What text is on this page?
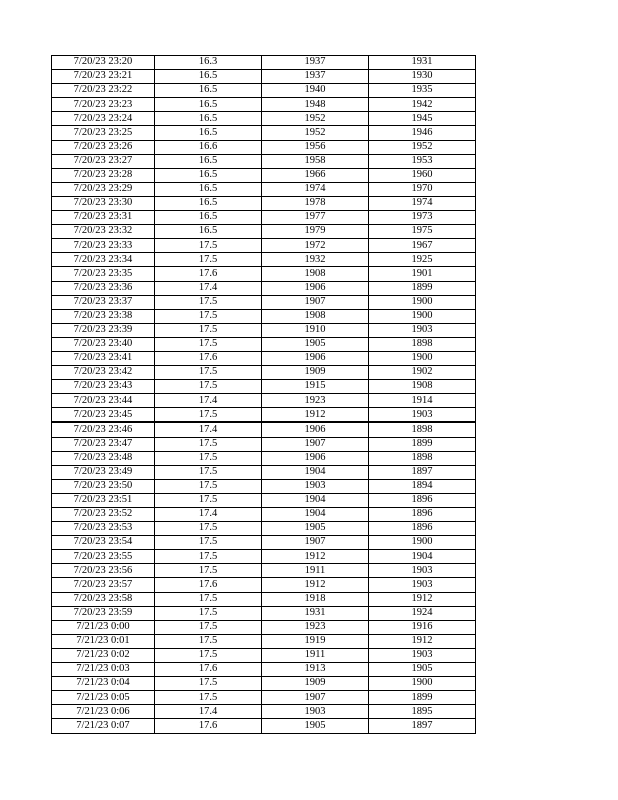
7/20/23 23:20	16.3	1937	1931
7/20/23 23:21	16.5	1937	1930
7/20/23 23:22	16.5	1940	1935
7/20/23 23:23	16.5	1948	1942
7/20/23 23:24	16.5	1952	1945
7/20/23 23:25	16.5	1952	1946
7/20/23 23:26	16.6	1956	1952
7/20/23 23:27	16.5	1958	1953
7/20/23 23:28	16.5	1966	1960
7/20/23 23:29	16.5	1974	1970
7/20/23 23:30	16.5	1978	1974
7/20/23 23:31	16.5	1977	1973
7/20/23 23:32	16.5	1979	1975
7/20/23 23:33	17.5	1972	1967
7/20/23 23:34	17.5	1932	1925
7/20/23 23:35	17.6	1908	1901
7/20/23 23:36	17.4	1906	1899
7/20/23 23:37	17.5	1907	1900
7/20/23 23:38	17.5	1908	1900
7/20/23 23:39	17.5	1910	1903
7/20/23 23:40	17.5	1905	1898
7/20/23 23:41	17.6	1906	1900
7/20/23 23:42	17.5	1909	1902
7/20/23 23:43	17.5	1915	1908
7/20/23 23:44	17.4	1923	1914
7/20/23 23:45	17.5	1912	1903
7/20/23 23:46	17.4	1906	1898
7/20/23 23:47	17.5	1907	1899
7/20/23 23:48	17.5	1906	1898
7/20/23 23:49	17.5	1904	1897
7/20/23 23:50	17.5	1903	1894
7/20/23 23:51	17.5	1904	1896
7/20/23 23:52	17.4	1904	1896
7/20/23 23:53	17.5	1905	1896
7/20/23 23:54	17.5	1907	1900
7/20/23 23:55	17.5	1912	1904
7/20/23 23:56	17.5	1911	1903
7/20/23 23:57	17.6	1912	1903
7/20/23 23:58	17.5	1918	1912
7/20/23 23:59	17.5	1931	1924
7/21/23 0:00	17.5	1923	1916
7/21/23 0:01	17.5	1919	1912
7/21/23 0:02	17.5	1911	1903
7/21/23 0:03	17.6	1913	1905
7/21/23 0:04	17.5	1909	1900
7/21/23 0:05	17.5	1907	1899
7/21/23 0:06	17.4	1903	1895
7/21/23 0:07	17.6	1905	1897
